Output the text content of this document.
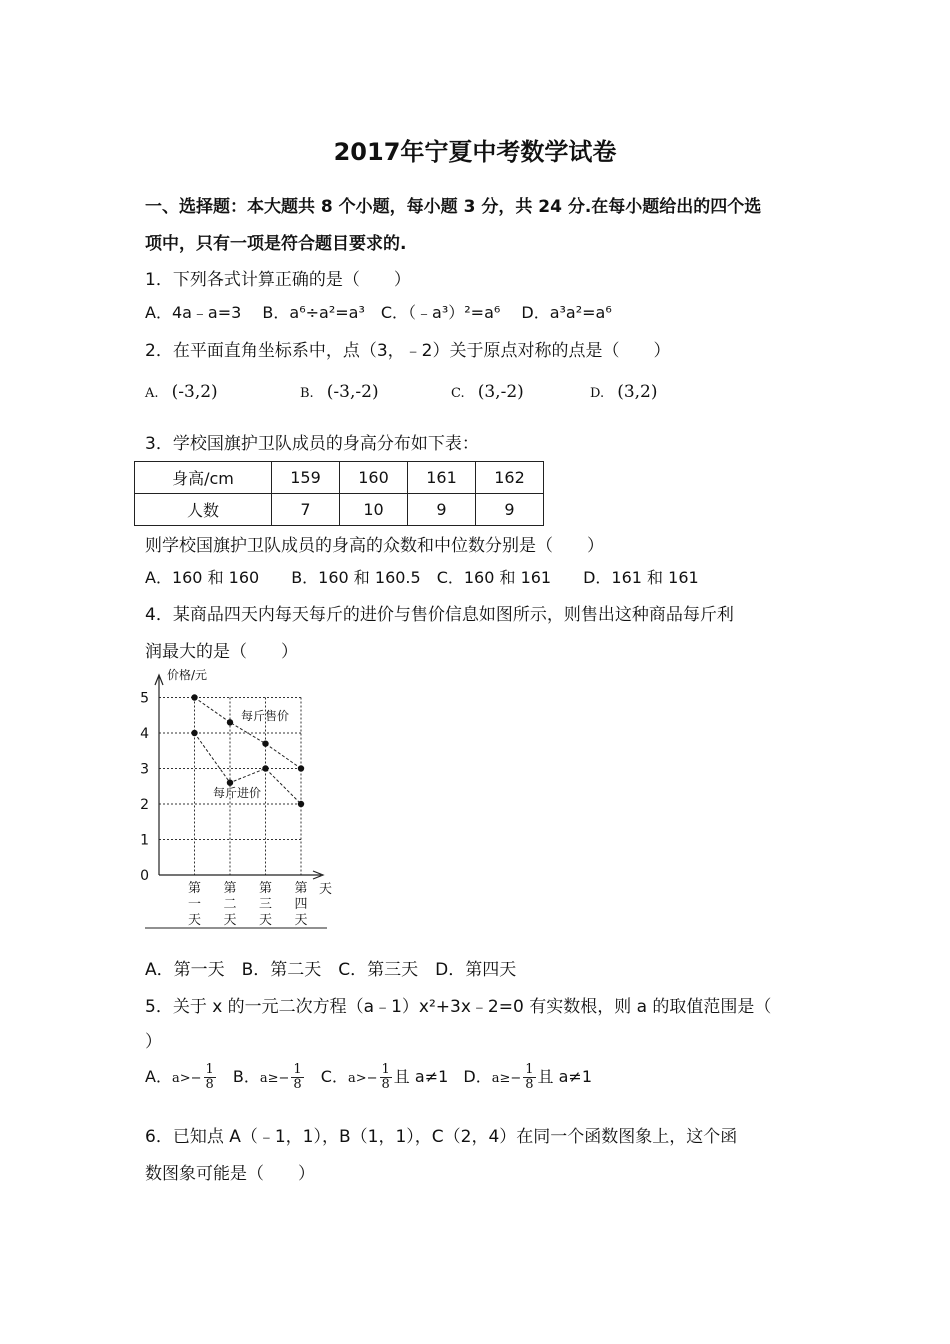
2017年宁夏中考数学试卷
一、选择题：本大题共 8 个小题，每小题 3 分，共 24 分.在每小题给出的四个选
项中，只有一项是符合题目要求的.
1．下列各式计算正确的是（　　）
A．4a﹣a=3　 B．a⁶÷a²=a³　C．（﹣a³）²=a⁶　 D．a³a²=a⁶
2．在平面直角坐标系中，点（3，﹣2）关于原点对称的点是（　　）
A. (-3,2)	B. (-3,-2)	C. (3,-2)	D. (3,2)
3．学校国旗护卫队成员的身高分布如下表：
身高/cm	159	160	161	162
人数	7	10	9	9
则学校国旗护卫队成员的身高的众数和中位数分别是（　　）
A．160 和 160　　B．160 和 160.5　C．160 和 161　　D．161 和 161
4．某商品四天内每天每斤的进价与售价信息如图所示，则售出这种商品每斤利
润最大的是（　　）
0
1
2
3
4
5
价格/元
天
第
一
天
第
二
天
第
三
天
第
四
天
每斤售价
每斤进价
A．第一天　B．第二天　C．第三天　D．第四天
5．关于 x 的一元二次方程（a﹣1）x²+3x﹣2=0 有实数根，则 a 的取值范围是（
）
A．$a>- \frac{1}{8}$ B．$a\ge- \frac{1}{8}$ C．$a>- \frac{1}{8}$ 且 a≠1 D．$a\ge- \frac{1}{8}$ 且 a≠1
6．已知点 A（﹣1，1），B（1，1），C（2，4）在同一个函数图象上，这个函
数图象可能是（　　）
